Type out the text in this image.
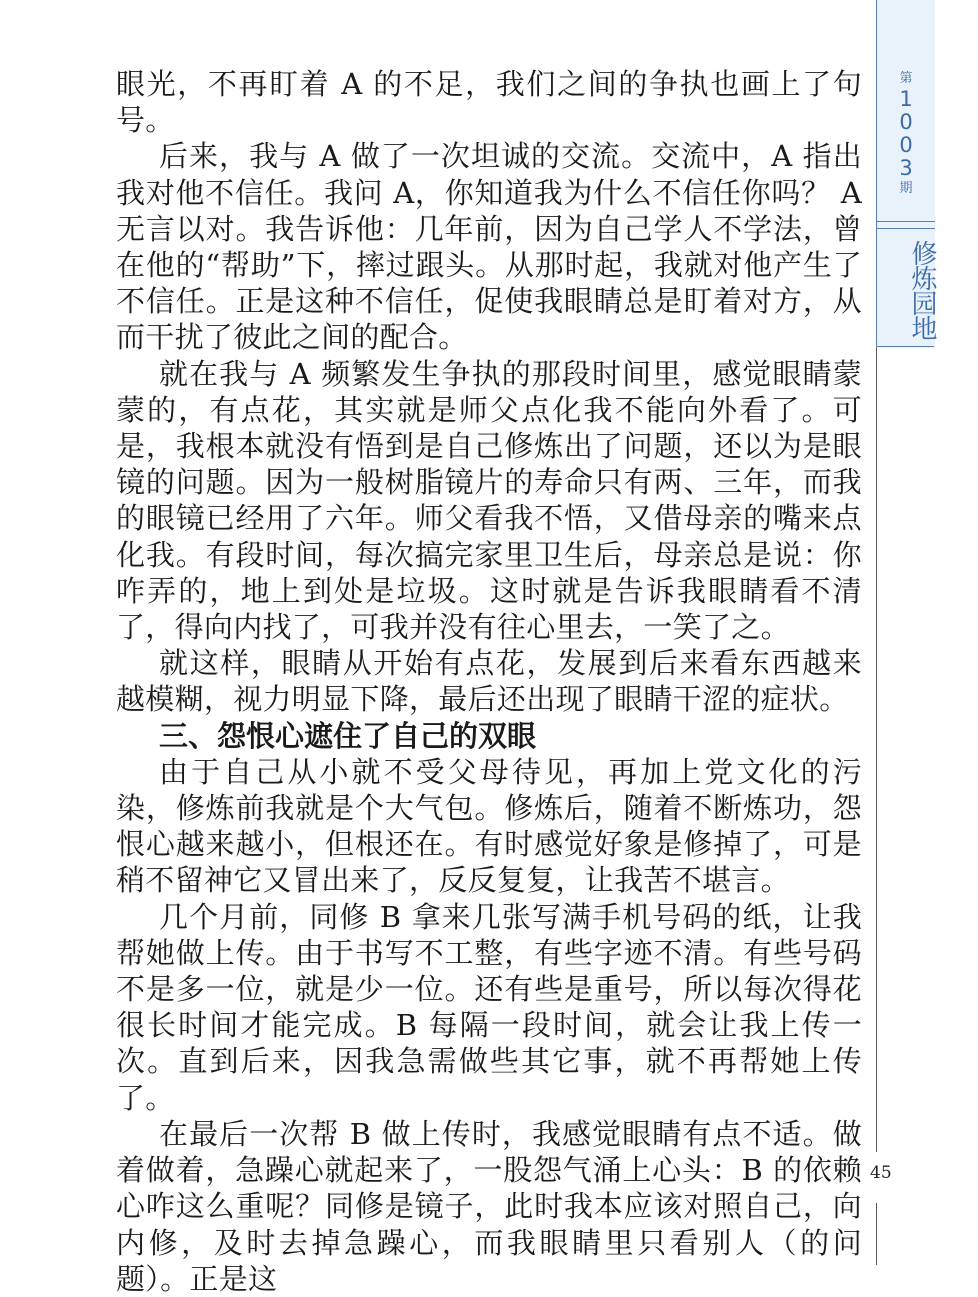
第
1
0
0
3
期
修炼园地
45

眼光，不再盯着 A 的不足，我们之间的争执也画上了句号。

后来，我与 A 做了一次坦诚的交流。交流中，A 指出我对他不信任。我问 A，你知道我为什么不信任你吗？ A 无言以对。我告诉他：几年前，因为自己学人不学法，曾在他的“帮助”下，摔过跟头。从那时起，我就对他产生了不信任。正是这种不信任，促使我眼睛总是盯着对方，从而干扰了彼此之间的配合。

就在我与 A 频繁发生争执的那段时间里，感觉眼睛蒙蒙的，有点花，其实就是师父点化我不能向外看了。可是，我根本就没有悟到是自己修炼出了问题，还以为是眼镜的问题。因为一般树脂镜片的寿命只有两、三年，而我的眼镜已经用了六年。师父看我不悟，又借母亲的嘴来点化我。有段时间，每次搞完家里卫生后，母亲总是说：你咋弄的，地上到处是垃圾。这时就是告诉我眼睛看不清了，得向内找了，可我并没有往心里去，一笑了之。

就这样，眼睛从开始有点花，发展到后来看东西越来越模糊，视力明显下降，最后还出现了眼睛干涩的症状。

三、怨恨心遮住了自己的双眼

由于自己从小就不受父母待见，再加上党文化的污染，修炼前我就是个大气包。修炼后，随着不断炼功，怨恨心越来越小，但根还在。有时感觉好象是修掉了，可是稍不留神它又冒出来了，反反复复，让我苦不堪言。

几个月前，同修 B 拿来几张写满手机号码的纸，让我帮她做上传。由于书写不工整，有些字迹不清。有些号码不是多一位，就是少一位。还有些是重号，所以每次得花很长时间才能完成。B 每隔一段时间，就会让我上传一次。直到后来，因我急需做些其它事，就不再帮她上传了。

在最后一次帮 B 做上传时，我感觉眼睛有点不适。做着做着，急躁心就起来了，一股怨气涌上心头：B 的依赖心咋这么重呢？同修是镜子，此时我本应该对照自己，向内修，及时去掉急躁心，而我眼睛里只看别人（的问题）。正是这
